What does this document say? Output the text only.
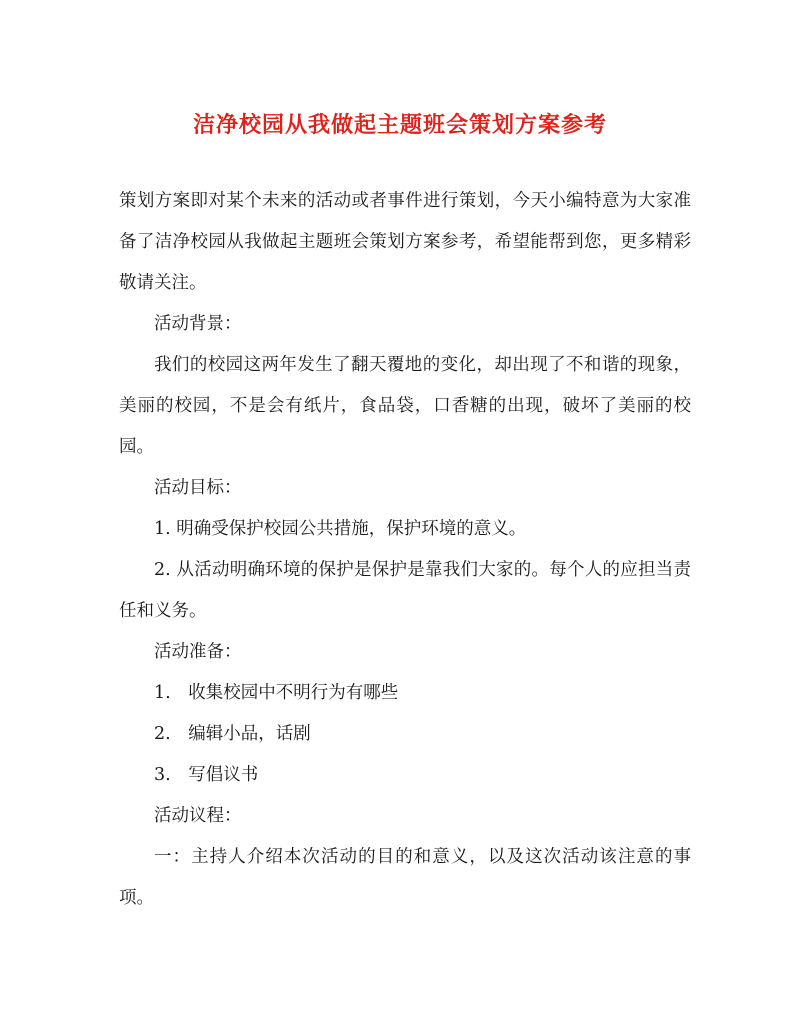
洁净校园从我做起主题班会策划方案参考

策划方案即对某个未来的活动或者事件进行策划，今天小编特意为大家准备了洁净校园从我做起主题班会策划方案参考，希望能帮到您，更多精彩敬请关注。

活动背景：

我们的校园这两年发生了翻天覆地的变化，却出现了不和谐的现象，美丽的校园，不是会有纸片，食品袋，口香糖的出现，破坏了美丽的校园。

活动目标：

1. 明确受保护校园公共措施，保护环境的意义。

2. 从活动明确环境的保护是保护是靠我们大家的。每个人的应担当责任和义务。

活动准备：

1.　收集校园中不明行为有哪些

2.　编辑小品，话剧

3.　写倡议书

活动议程：

一：主持人介绍本次活动的目的和意义，以及这次活动该注意的事项。
